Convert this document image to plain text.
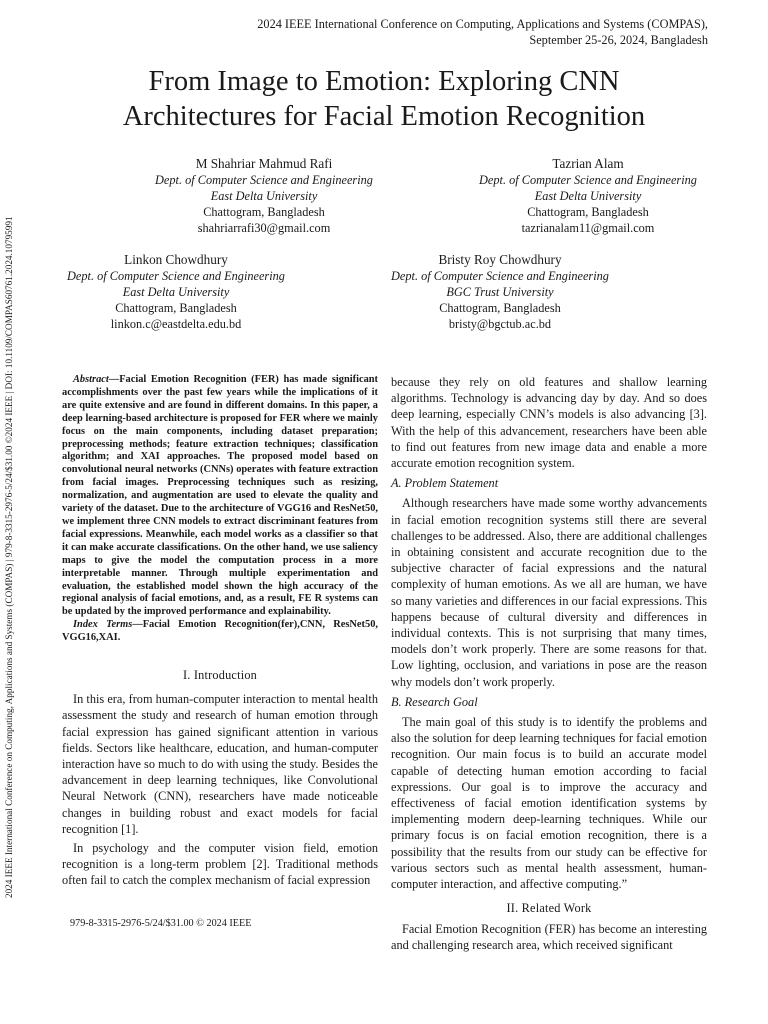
2024 IEEE International Conference on Computing, Applications and Systems (COMPAS),
September 25-26, 2024, Bangladesh
2024 IEEE International Conference on Computing, Applications and Systems (COMPAS) | 979-8-3315-2976-5/24/$31.00 ©2024 IEEE | DOI: 10.1109/COMPAS60761.2024.10795991
From Image to Emotion: Exploring CNN
Architectures for Facial Emotion Recognition
M Shahriar Mahmud Rafi
Dept. of Computer Science and Engineering
East Delta University
Chattogram, Bangladesh
shahriarrafi30@gmail.com
Tazrian Alam
Dept. of Computer Science and Engineering
East Delta University
Chattogram, Bangladesh
tazrianalam11@gmail.com
Linkon Chowdhury
Dept. of Computer Science and Engineering
East Delta University
Chattogram, Bangladesh
linkon.c@eastdelta.edu.bd
Bristy Roy Chowdhury
Dept. of Computer Science and Engineering
BGC Trust University
Chattogram, Bangladesh
bristy@bgctub.ac.bd

Abstract—Facial Emotion Recognition (FER) has made significant accomplishments over the past few years while the implications of it are quite extensive and are found in different domains. In this paper, a deep learning-based architecture is proposed for FER where we mainly focus on the main components, including dataset preparation; preprocessing methods; feature extraction techniques; classification algorithm; and XAI approaches. The proposed model based on convolutional neural networks (CNNs) operates with feature extraction from facial images. Preprocessing techniques such as resizing, normalization, and augmentation are used to elevate the quality and variety of the dataset. Due to the architecture of VGG16 and ResNet50, we implement three CNN models to extract discriminant features from facial expressions. Meanwhile, each model works as a classifier so that it can make accurate classifications. On the other hand, we use saliency maps to give the model the computation process in a more interpretable manner. Through multiple experimentation and evaluation, the established model shown the high accuracy of the regional analysis of facial emotions, and, as a result, FE R systems can be updated by the improved performance and explainability.

Index Terms—Facial Emotion Recognition(fer),CNN, ResNet50, VGG16,XAI.

I. Introduction

In this era, from human-computer interaction to mental health assessment the study and research of human emotion through facial expression has gained significant attention in various fields. Sectors like healthcare, education, and human-computer interaction have so much to do with using the study. Besides the advancement in deep learning techniques, like Convolutional Neural Network (CNN), researchers have made noticeable changes in building robust and exact models for facial recognition [1].

In psychology and the computer vision field, emotion recognition is a long-term problem [2]. Traditional methods often fail to catch the complex mechanism of facial expression

because they rely on old features and shallow learning algorithms. Technology is advancing day by day. And so does deep learning, especially CNN’s models is also advancing [3]. With the help of this advancement, researchers have been able to find out features from new image data and enable a more accurate emotion recognition system.

A. Problem Statement

Although researchers have made some worthy advancements in facial emotion recognition systems still there are several challenges to be addressed. Also, there are additional challenges in obtaining consistent and accurate recognition due to the subjective character of facial expressions and the natural complexity of human emotions. As we all are human, we have so many varieties and differences in our facial expressions. This happens because of cultural diversity and differences in individual contexts. This is not surprising that many times, models don’t work properly. There are some reasons for that. Low lighting, occlusion, and variations in pose are the reason why models don’t work properly.

B. Research Goal

The main goal of this study is to identify the problems and also the solution for deep learning techniques for facial emotion recognition. Our main focus is to build an accurate model capable of detecting human emotion according to facial expressions. Our goal is to improve the accuracy and effectiveness of facial emotion identification systems by implementing modern deep-learning techniques. While our primary focus is on facial emotion recognition, there is a possibility that the results from our study can be effective for various sectors such as mental health assessment, human-computer interaction, and affective computing.”

II. Related Work

Facial Emotion Recognition (FER) has become an interesting and challenging research area, which received significant

979-8-3315-2976-5/24/$31.00 © 2024 IEEE
